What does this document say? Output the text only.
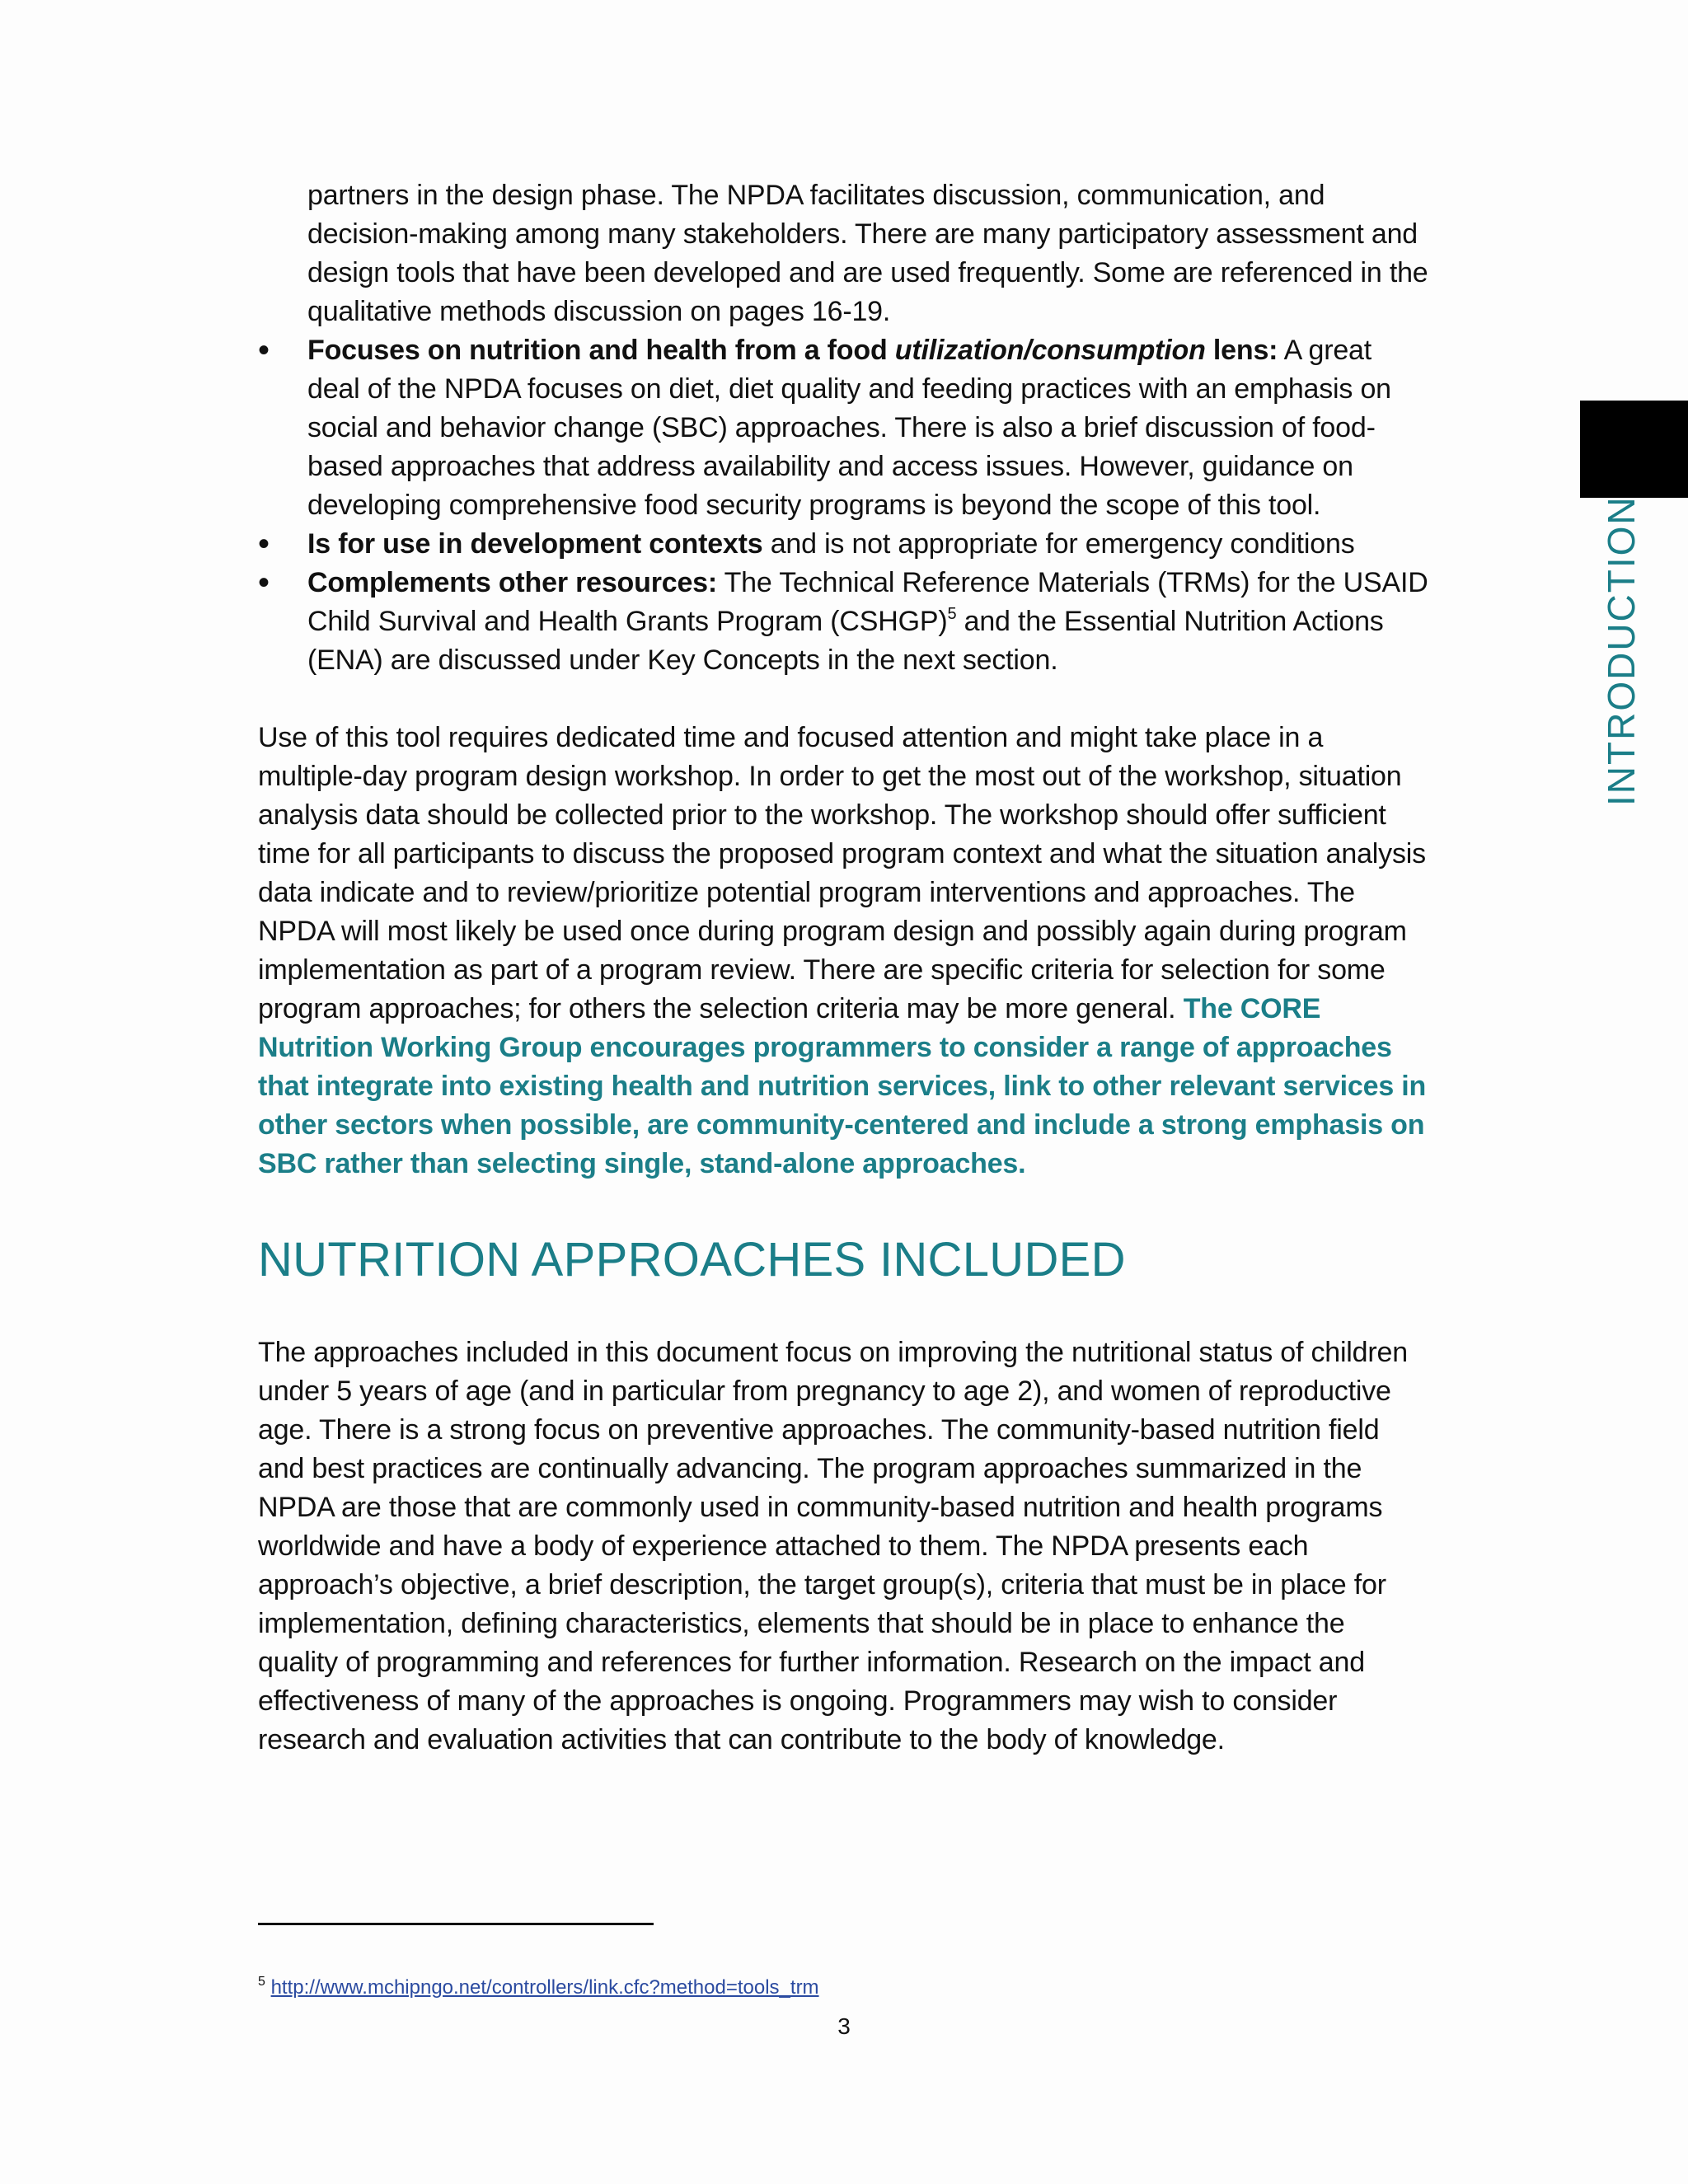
partners in the design phase. The NPDA facilitates discussion, communication, and decision-making among many stakeholders. There are many participatory assessment and design tools that have been developed and are used frequently. Some are referenced in the qualitative methods discussion on pages 16-19.

• Focuses on nutrition and health from a food utilization/consumption lens: A great deal of the NPDA focuses on diet, diet quality and feeding practices with an emphasis on social and behavior change (SBC) approaches. There is also a brief discussion of food-based approaches that address availability and access issues. However, guidance on developing comprehensive food security programs is beyond the scope of this tool.
• Is for use in development contexts and is not appropriate for emergency conditions
• Complements other resources: The Technical Reference Materials (TRMs) for the USAID Child Survival and Health Grants Program (CSHGP)$^5$ and the Essential Nutrition Actions (ENA) are discussed under Key Concepts in the next section.

Use of this tool requires dedicated time and focused attention and might take place in a multiple-day program design workshop. In order to get the most out of the workshop, situation analysis data should be collected prior to the workshop. The workshop should offer sufficient time for all participants to discuss the proposed program context and what the situation analysis data indicate and to review/prioritize potential program interventions and approaches. The NPDA will most likely be used once during program design and possibly again during program implementation as part of a program review. There are specific criteria for selection for some program approaches; for others the selection criteria may be more general. The CORE Nutrition Working Group encourages programmers to consider a range of approaches that integrate into existing health and nutrition services, link to other relevant services in other sectors when possible, are community-centered and include a strong emphasis on SBC rather than selecting single, stand-alone approaches.

NUTRITION APPROACHES INCLUDED

The approaches included in this document focus on improving the nutritional status of children under 5 years of age (and in particular from pregnancy to age 2), and women of reproductive age. There is a strong focus on preventive approaches. The community-based nutrition field and best practices are continually advancing. The program approaches summarized in the NPDA are those that are commonly used in community-based nutrition and health programs worldwide and have a body of experience attached to them. The NPDA presents each approach’s objective, a brief description, the target group(s), criteria that must be in place for implementation, defining characteristics, elements that should be in place to enhance the quality of programming and references for further information. Research on the impact and effectiveness of many of the approaches is ongoing. Programmers may wish to consider research and evaluation activities that can contribute to the body of knowledge.

$^5$ http://www.mchipngo.net/controllers/link.cfc?method=tools_trm
3
INTRODUCTION
